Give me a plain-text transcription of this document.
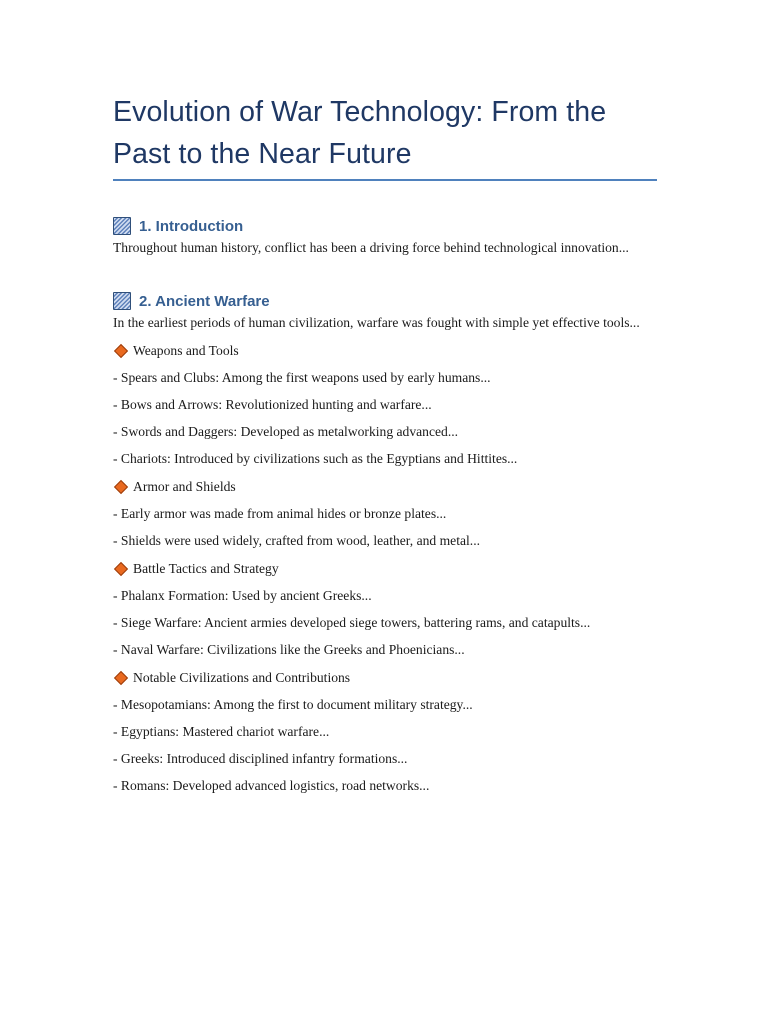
Evolution of War Technology: From the Past to the Near Future
1. Introduction

Throughout human history, conflict has been a driving force behind technological innovation...

2. Ancient Warfare

In the earliest periods of human civilization, warfare was fought with simple yet effective tools...

Weapons and Tools

- Spears and Clubs: Among the first weapons used by early humans...

- Bows and Arrows: Revolutionized hunting and warfare...

- Swords and Daggers: Developed as metalworking advanced...

- Chariots: Introduced by civilizations such as the Egyptians and Hittites...

Armor and Shields

- Early armor was made from animal hides or bronze plates...

- Shields were used widely, crafted from wood, leather, and metal...

Battle Tactics and Strategy

- Phalanx Formation: Used by ancient Greeks...

- Siege Warfare: Ancient armies developed siege towers, battering rams, and catapults...

- Naval Warfare: Civilizations like the Greeks and Phoenicians...

Notable Civilizations and Contributions

- Mesopotamians: Among the first to document military strategy...

- Egyptians: Mastered chariot warfare...

- Greeks: Introduced disciplined infantry formations...

- Romans: Developed advanced logistics, road networks...
